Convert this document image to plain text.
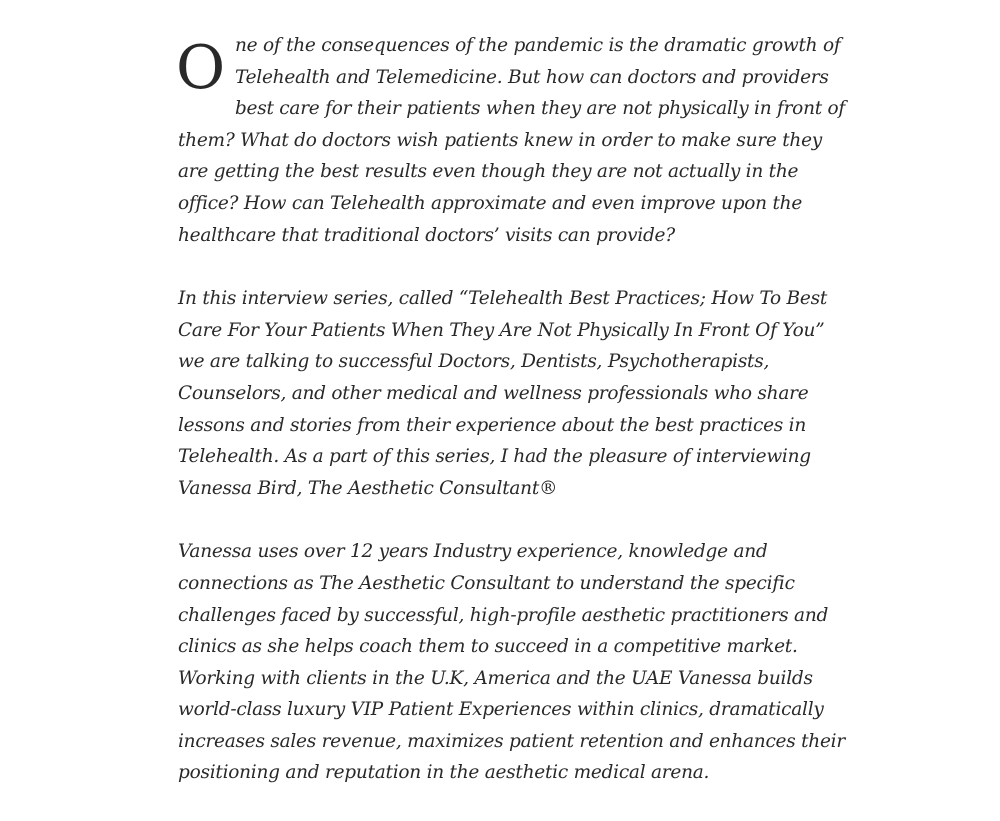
One of the consequences of the pandemic is the dramatic growth of Telehealth and Telemedicine. But how can doctors and providers best care for their patients when they are not physically in front of them? What do doctors wish patients knew in order to make sure they are getting the best results even though they are not actually in the office? How can Telehealth approximate and even improve upon the healthcare that traditional doctors’ visits can provide?

In this interview series, called “Telehealth Best Practices; How To Best Care For Your Patients When They Are Not Physically In Front Of You” we are talking to successful Doctors, Dentists, Psychotherapists, Counselors, and other medical and wellness professionals who share lessons and stories from their experience about the best practices in Telehealth. As a part of this series, I had the pleasure of interviewing Vanessa Bird, The Aesthetic Consultant®

Vanessa uses over 12 years Industry experience, knowledge and connections as The Aesthetic Consultant to understand the specific challenges faced by successful, high-profile aesthetic practitioners and clinics as she helps coach them to succeed in a competitive market. Working with clients in the U.K, America and the UAE Vanessa builds world-class luxury VIP Patient Experiences within clinics, dramatically increases sales revenue, maximizes patient retention and enhances their positioning and reputation in the aesthetic medical arena.
